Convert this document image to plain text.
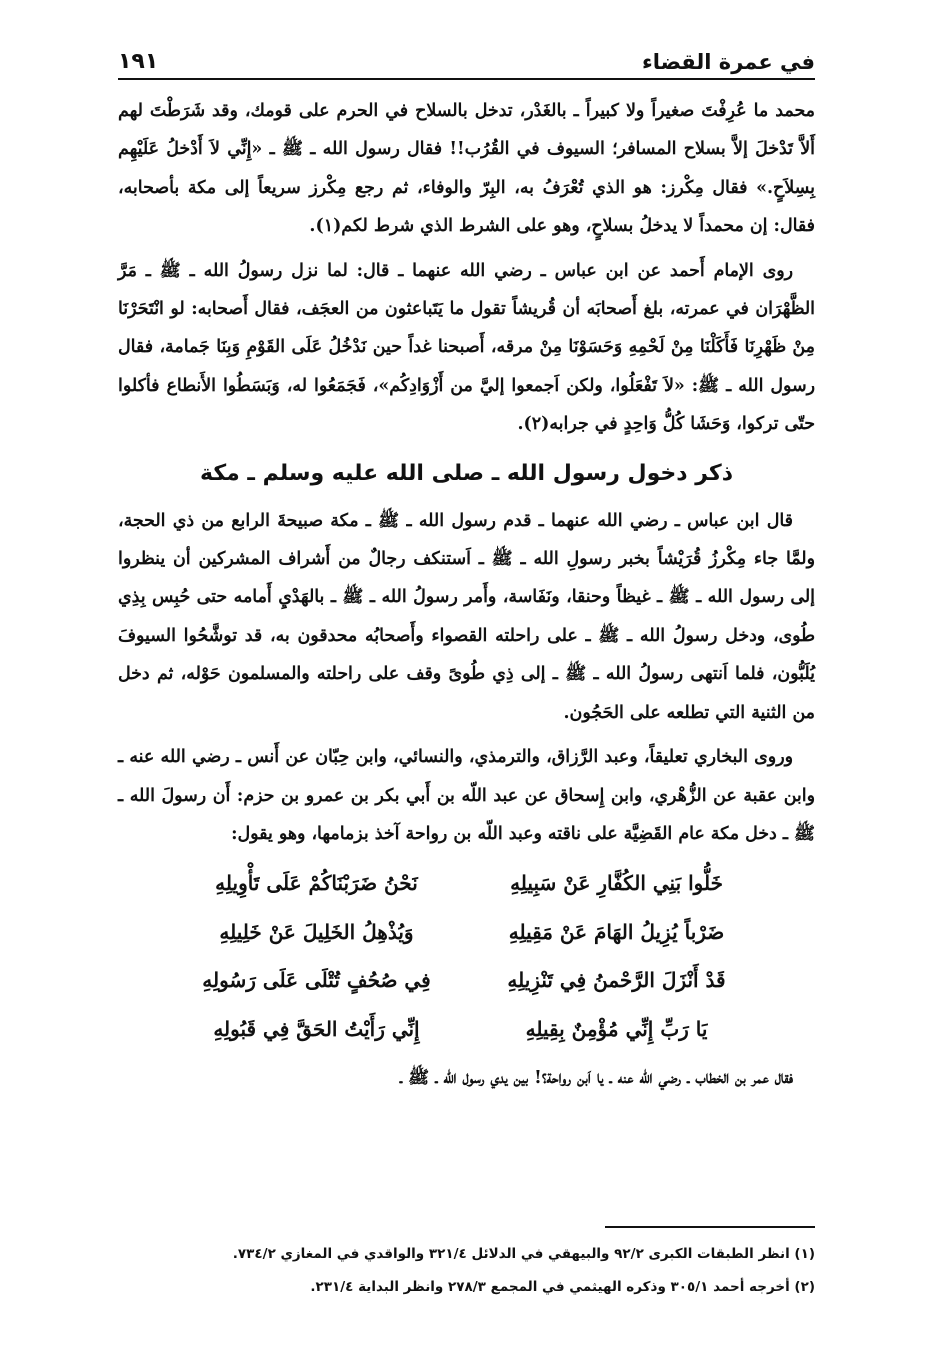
في عمرة القضاء
١٩١

محمد ما عُرِفْتَ صغيراً ولا كبيراً ـ بالغَدْر، تدخل بالسلاح في الحرم على قومك، وقد شَرَطْتَ لهم أَلاَّ تَدْخلَ إلاَّ بسلاح المسافر؛ السيوف في القُرُب!! فقال رسول الله ـ ﷺ ـ «إِنِّي لاَ أَدْخلُ عَلَيْهِم بِسِلاَحٍ.» فقال مِكْرز: هو الذي تُعْرَفُ به، البِرّ والوفاء، ثم رجع مِكْرز سريعاً إلى مكة بأصحابه، فقال: إن محمداً لا يدخلُ بسلاحٍ، وهو على الشرط الذي شرط لكم(١).

روى الإمام أَحمد عن ابن عباس ـ رضي الله عنهما ـ قال: لما نزل رسولُ الله ـ ﷺ ـ مَرَّ الظَّهْرَان في عمرته، بلغ أَصحابَه أن قُريشاً تقول ما يَتَباعثون من العجَف، فقال أَصحابه: لو انْتَحَرْنَا مِنْ ظَهْرِنَا فَأَكَلْنَا مِنْ لَحْمِهِ وَحَسَوْنَا مِنْ مرقه، أَصبحنا غداً حين نَدْخُلُ عَلَى القَوْمِ وَبِنَا جَمامة، فقال رسول الله ـ ﷺ: «لاَ تَفْعَلُوا، ولكن اَجمعوا إليَّ من أَزْوَادِكُم»، فَجَمَعُوا له، وَبَسَطُوا الأَنطاع فأكلوا حتّى تركوا، وَحَشَا كُلُّ وَاحِدٍ في جرابه(٢).

ذكر دخول رسول الله ـ صلى الله عليه وسلم ـ مكة

قال ابن عباس ـ رضي الله عنهما ـ قدم رسول الله ـ ﷺ ـ مكة صبيحةَ الرابع من ذي الحجة، ولمَّا جاء مِكْرزُ قُرَيْشاً بخبر رسولِ الله ـ ﷺ ـ اَستنكف رجالٌ من أَشراف المشركين أن ينظروا إلى رسول الله ـ ﷺ ـ غيظاً وحنقا، ونَفَاسة، وأَمر رسولُ الله ـ ﷺ ـ بالهَدْيِ أَمامه حتى حُبِس بِذِي طُوى، ودخل رسولُ الله ـ ﷺ ـ على راحلته القصواء وأَصحابُه محدقون به، قد توشَّحُوا السيوفَ يُلَبُّون، فلما اَنتهى رسولُ الله ـ ﷺ ـ إلى ذِي طُوىً وقف على راحلته والمسلمون حَوْله، ثم دخل من الثنية التي تطلعه على الحَجُون.

وروى البخاري تعليقاً، وعبد الرَّزاق، والترمذي، والنسائي، وابن حِبّان عن أَنس ـ رضي الله عنه ـ وابن عقبة عن الزُّهْري، وابن إِسحاق عن عبد اللّه بن أَبي بكر بن عمرو بن حزم: أَن رسولَ الله ـ ﷺ ـ دخل مكة عام القَضِيَّة على ناقته وعبد اللّه بن رواحة آخذ بزمامها، وهو يقول:

خَلُّوا بَنِي الكُفَّارِ عَنْ سَبِيلِهِ
نَحْنُ ضَرَبْنَاكُمْ عَلَى تَأْوِيلِهِ
ضَرْباً يُزِيلُ الهَامَ عَنْ مَقِيلِهِ
وَيُذْهِلُ الخَلِيلَ عَنْ خَلِيلِهِ
قَدْ أَنْزَلَ الرَّحْمنُ فِي تَنْزِيلِهِ
فِي صُحُفٍ تُتْلَى عَلَى رَسُولِهِ
يَا رَبِّ إِنِّي مُؤْمِنٌ بِقِيلِهِ
إِنِّي رَأَيْتُ الحَقَّ فِي قَبُولِهِ

فقال عمر بن الخطاب ـ رضي الله عنه ـ يا اَبن رواحة؟! بين يدي رسول الله ـ ﷺ ـ

(١) انظر الطبقات الكبرى ٩٢/٢ والبيهقي في الدلائل ٣٢١/٤ والواقدي في المغازي ٧٣٤/٢.
(٢) أخرجه أحمد ٣٠٥/١ وذكره الهيثمي في المجمع ٢٧٨/٣ وانظر البداية ٢٣١/٤.
